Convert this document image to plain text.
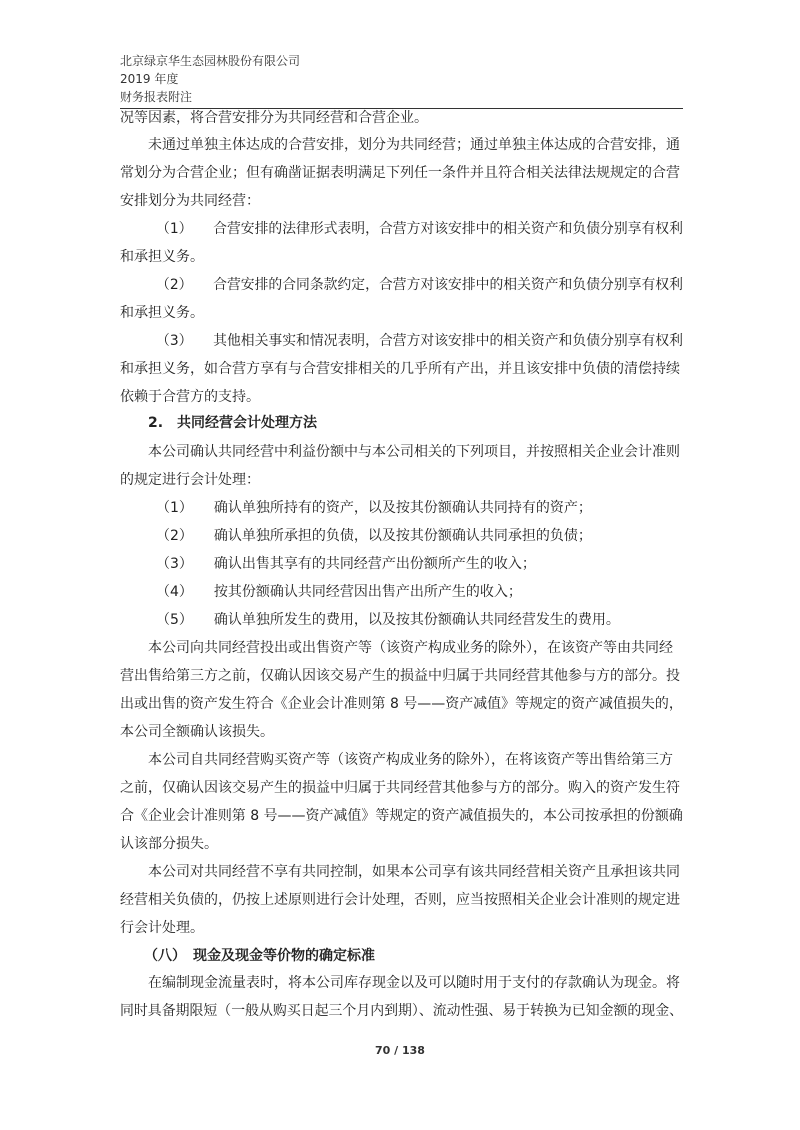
北京绿京华生态园林股份有限公司
2019 年度
财务报表附注
况等因素，将合营安排分为共同经营和合营企业。
未通过单独主体达成的合营安排，划分为共同经营；通过单独主体达成的合营安排，通
常划分为合营企业；但有确凿证据表明满足下列任一条件并且符合相关法律法规规定的合营
安排划分为共同经营：
（1）　　合营安排的法律形式表明，合营方对该安排中的相关资产和负债分别享有权利
和承担义务。
（2）　　合营安排的合同条款约定，合营方对该安排中的相关资产和负债分别享有权利
和承担义务。
（3）　　其他相关事实和情况表明，合营方对该安排中的相关资产和负债分别享有权利
和承担义务，如合营方享有与合营安排相关的几乎所有产出，并且该安排中负债的清偿持续
依赖于合营方的支持。
2.　共同经营会计处理方法
本公司确认共同经营中利益份额中与本公司相关的下列项目，并按照相关企业会计准则
的规定进行会计处理：
（1）　　确认单独所持有的资产，以及按其份额确认共同持有的资产；
（2）　　确认单独所承担的负债，以及按其份额确认共同承担的负债；
（3）　　确认出售其享有的共同经营产出份额所产生的收入；
（4）　　按其份额确认共同经营因出售产出所产生的收入；
（5）　　确认单独所发生的费用，以及按其份额确认共同经营发生的费用。
本公司向共同经营投出或出售资产等（该资产构成业务的除外），在该资产等由共同经
营出售给第三方之前，仅确认因该交易产生的损益中归属于共同经营其他参与方的部分。投
出或出售的资产发生符合《企业会计准则第 8 号——资产减值》等规定的资产减值损失的，
本公司全额确认该损失。
本公司自共同经营购买资产等（该资产构成业务的除外），在将该资产等出售给第三方
之前，仅确认因该交易产生的损益中归属于共同经营其他参与方的部分。购入的资产发生符
合《企业会计准则第 8 号——资产减值》等规定的资产减值损失的，本公司按承担的份额确
认该部分损失。
本公司对共同经营不享有共同控制，如果本公司享有该共同经营相关资产且承担该共同
经营相关负债的，仍按上述原则进行会计处理，否则，应当按照相关企业会计准则的规定进
行会计处理。
（八）　现金及现金等价物的确定标准
在编制现金流量表时，将本公司库存现金以及可以随时用于支付的存款确认为现金。将
同时具备期限短（一般从购买日起三个月内到期）、流动性强、易于转换为已知金额的现金、
70 / 138
